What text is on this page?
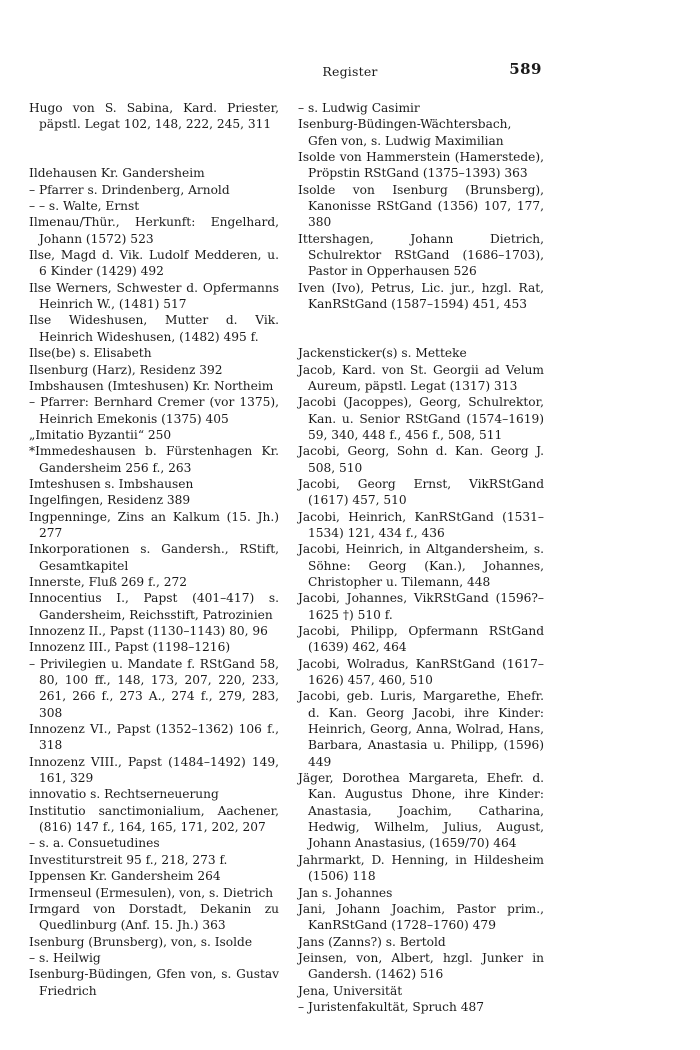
Register	589

Hugo von S. Sabina, Kard. Priester, päpstl. Legat 102, 148, 222, 245, 311

Ildehausen Kr. Gandersheim

– Pfarrer s. Drindenberg, Arnold

– – s. Walte, Ernst

Ilmenau/Thür., Herkunft: Engelhard, Johann (1572) 523

Ilse, Magd d. Vik. Ludolf Medderen, u. 6 Kinder (1429) 492

Ilse Werners, Schwester d. Opfermanns Heinrich W., (1481) 517

Ilse Wideshusen, Mutter d. Vik. Heinrich Wideshusen, (1482) 495 f.

Ilse(be) s. Elisabeth

Ilsenburg (Harz), Residenz 392

Imbshausen (Imteshusen) Kr. Northeim

– Pfarrer: Bernhard Cremer (vor 1375), Heinrich Emekonis (1375) 405

„Imitatio Byzantii“ 250

*Immedeshausen b. Fürstenhagen Kr. Gandersheim 256 f., 263

Imteshusen s. Imbshausen

Ingelfingen, Residenz 389

Ingpenninge, Zins an Kalkum (15. Jh.) 277

Inkorporationen s. Gandersh., RStift, Gesamtkapitel

Innerste, Fluß 269 f., 272

Innocentius I., Papst (401–417) s. Gandersheim, Reichsstift, Patrozinien

Innozenz II., Papst (1130–1143) 80, 96

Innozenz III., Papst (1198–1216)

– Privilegien u. Mandate f. RStGand 58, 80, 100 ff., 148, 173, 207, 220, 233, 261, 266 f., 273 A., 274 f., 279, 283, 308

Innozenz VI., Papst (1352–1362) 106 f., 318

Innozenz VIII., Papst (1484–1492) 149, 161, 329

innovatio s. Rechtserneuerung

Institutio sanctimonialium, Aachener, (816) 147 f., 164, 165, 171, 202, 207

– s. a. Consuetudines

Investiturstreit 95 f., 218, 273 f.

Ippensen Kr. Gandersheim 264

Irmenseul (Ermesulen), von, s. Dietrich

Irmgard von Dorstadt, Dekanin zu Quedlinburg (Anf. 15. Jh.) 363

Isenburg (Brunsberg), von, s. Isolde

– s. Heilwig

Isenburg-Büdingen, Gfen von, s. Gustav Friedrich

– s. Ludwig Casimir

Isenburg-Büdingen-Wächtersbach, Gfen von, s. Ludwig Maximilian

Isolde von Hammerstein (Hamerstede), Pröpstin RStGand (1375–1393) 363

Isolde von Isenburg (Brunsberg), Kanonisse RStGand (1356) 107, 177, 380

Ittershagen, Johann Dietrich, Schulrektor RStGand (1686–1703), Pastor in Opperhausen 526

Iven (Ivo), Petrus, Lic. jur., hzgl. Rat, KanRStGand (1587–1594) 451, 453

Jackensticker(s) s. Metteke

Jacob, Kard. von St. Georgii ad Velum Aureum, päpstl. Legat (1317) 313

Jacobi (Jacoppes), Georg, Schulrektor, Kan. u. Senior RStGand (1574–1619) 59, 340, 448 f., 456 f., 508, 511

Jacobi, Georg, Sohn d. Kan. Georg J. 508, 510

Jacobi, Georg Ernst, VikRStGand (1617) 457, 510

Jacobi, Heinrich, KanRStGand (1531–1534) 121, 434 f., 436

Jacobi, Heinrich, in Altgandersheim, s. Söhne: Georg (Kan.), Johannes, Christopher u. Tilemann, 448

Jacobi, Johannes, VikRStGand (1596?–1625 †) 510 f.

Jacobi, Philipp, Opfermann RStGand (1639) 462, 464

Jacobi, Wolradus, KanRStGand (1617–1626) 457, 460, 510

Jacobi, geb. Luris, Margarethe, Ehefr. d. Kan. Georg Jacobi, ihre Kinder: Heinrich, Georg, Anna, Wolrad, Hans, Barbara, Anastasia u. Philipp, (1596) 449

Jäger, Dorothea Margareta, Ehefr. d. Kan. Augustus Dhone, ihre Kinder: Anastasia, Joachim, Catharina, Hedwig, Wilhelm, Julius, August, Johann Anastasius, (1659/70) 464

Jahrmarkt, D. Henning, in Hildesheim (1506) 118

Jan s. Johannes

Jani, Johann Joachim, Pastor prim., KanRStGand (1728–1760) 479

Jans (Zanns?) s. Bertold

Jeinsen, von, Albert, hzgl. Junker in Gandersh. (1462) 516

Jena, Universität

– Juristenfakultät, Spruch 487
